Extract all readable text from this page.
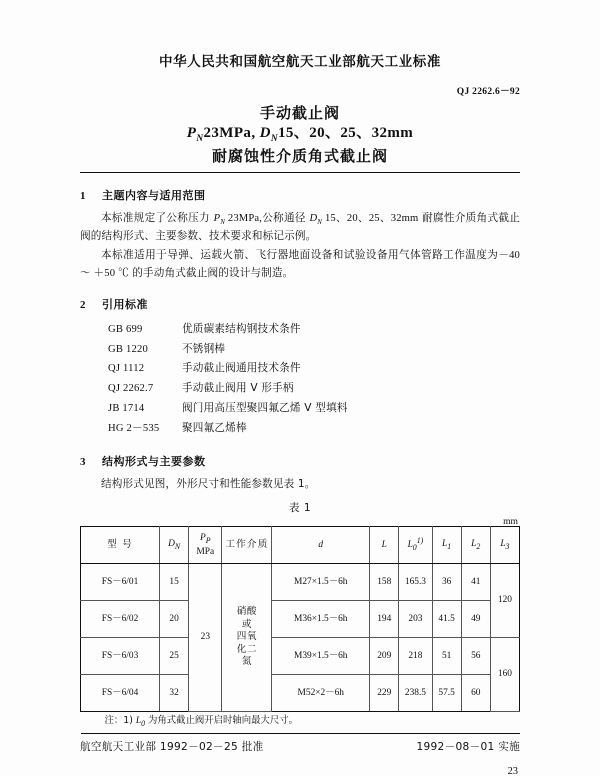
中华人民共和国航空航天工业部航天工业标准
QJ 2262.6－92
手动截止阀
$P_N23MPa$, $D_N15$、20、25、32mm
耐腐蚀性介质角式截止阀
1 主题内容与适用范围
本标准规定了公称压力 $P_N$ 23MPa,公称通径 $D_N$ 15、20、25、32mm 耐腐性介质角式截止阀的结构形式、主要参数、技术要求和标记示例。
本标准适用于导弹、运载火箭、飞行器地面设备和试验设备用气体管路工作温度为－40 ～ ＋50 ℃ 的手动角式截止阀的设计与制造。
2 引用标准
GB 699	优质碳素结构钢技术条件
GB 1220	不锈钢棒
QJ 1112	手动截止阀通用技术条件
QJ 2262.7	手动截止阀用 V 形手柄
JB 1714	阀门用高压型聚四氟乙烯 V 型填料
HG 2－535 聚四氟乙烯棒
3 结构形式与主要参数
结构形式见图，外形尺寸和性能参数见表 1。
表 1
mm
型 号	$D_N$	$P_P$
MPa	工作介质	d	L	$L_0^{1)}$	$L_1$	$L_2$	$L_3$
FS－6/01	15	23	硝酸
或
四氧
化二
氮	M27×1.5－6h	158	165.3	36	41	120
FS－6/02	20			M36×1.5－6h	194	203	41.5	49	
FS－6/03	25			M39×1.5－6h	209	218	51	56	160
FS－6/04	32			M52×2－6h	229	238.5	57.5	60	
注：1) $L_0$ 为角式截止阀开启时轴向最大尺寸。									
航空航天工业部 1992－02－25 批准	1992－08－01 实施
23
